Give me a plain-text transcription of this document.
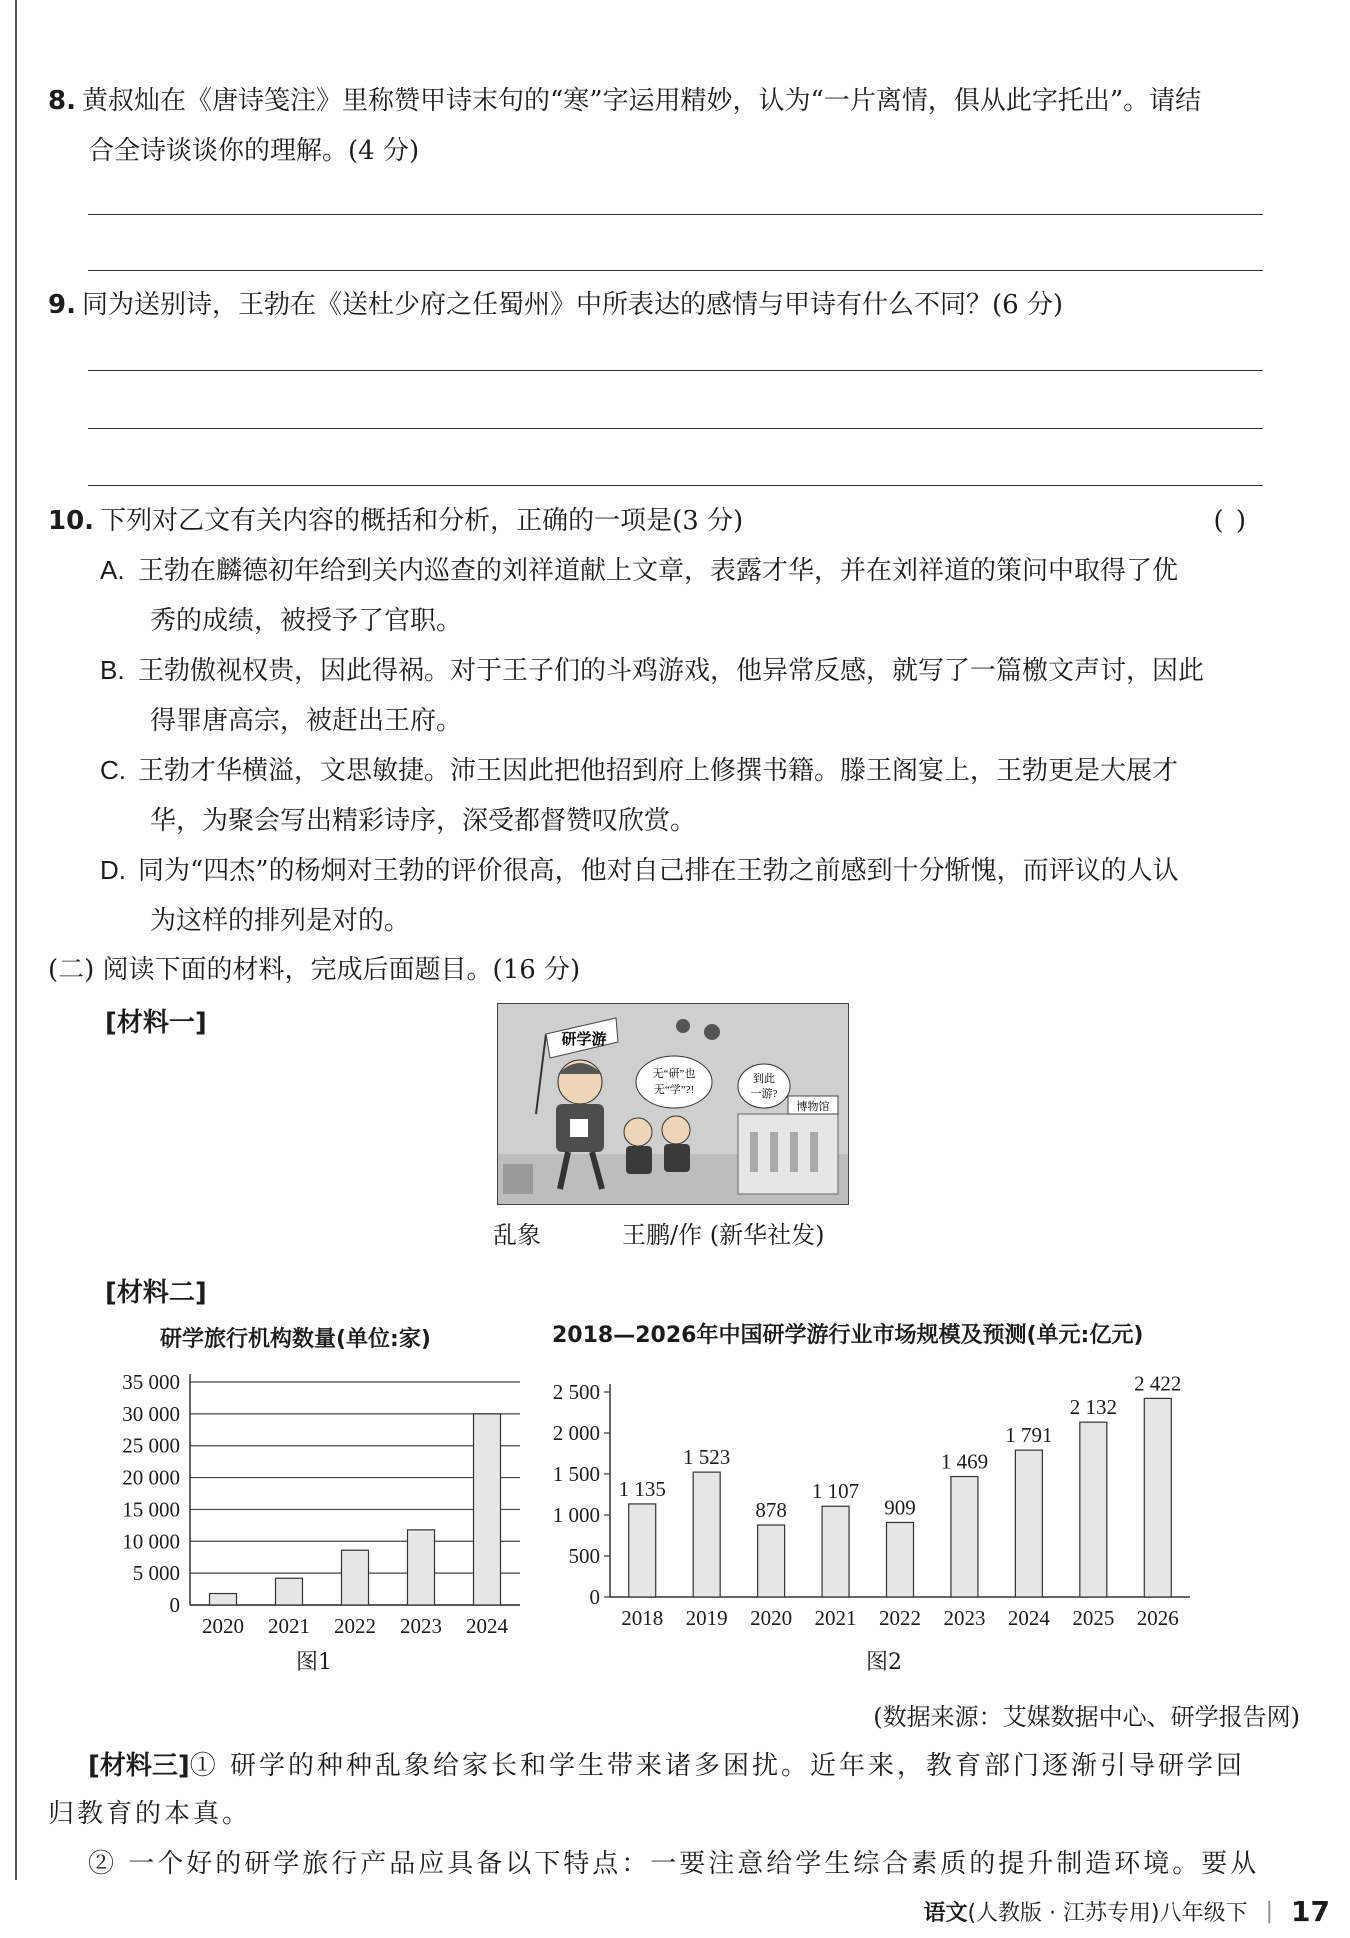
8. 黄叔灿在《唐诗笺注》里称赞甲诗末句的“寒”字运用精妙，认为“一片离情，俱从此字托出”。请结
合全诗谈谈你的理解。(4 分)
9. 同为送别诗，王勃在《送杜少府之任蜀州》中所表达的感情与甲诗有什么不同？(6 分)
10. 下列对乙文有关内容的概括和分析，正确的一项是(3 分)	( )
A. 王勃在麟德初年给到关内巡查的刘祥道献上文章，表露才华，并在刘祥道的策问中取得了优
秀的成绩，被授予了官职。
B. 王勃傲视权贵，因此得祸。对于王子们的斗鸡游戏，他异常反感，就写了一篇檄文声讨，因此
得罪唐高宗，被赶出王府。
C. 王勃才华横溢，文思敏捷。沛王因此把他招到府上修撰书籍。滕王阁宴上，王勃更是大展才
华，为聚会写出精彩诗序，深受都督赞叹欣赏。
D. 同为“四杰”的杨炯对王勃的评价很高，他对自己排在王勃之前感到十分惭愧，而评议的人认
为这样的排列是对的。
(二) 阅读下面的材料，完成后面题目。(16 分)
[材料一]
博物馆
研学游
无“研”也
无“学”?!
到此
一游?
乱象	王鹏/作 (新华社发)
[材料二]
研学旅行机构数量(单位:家)	2018—2026年中国研学游行业市场规模及预测(单元:亿元)
35 000
30 000
25 000
20 000
15 000
10 000
5 000
0
2020 2021 2022 2023 2024
2 500
2 000
1 500
1 000
500
0
2018
1 135
2019
1 523
2020
878
2021
1 107
2022
909
2023
1 469
2024
1 791
2025
2 132
2026
2 422
图1	图2
(数据来源：艾媒数据中心、研学报告网)
[材料三]① 研学的种种乱象给家长和学生带来诸多困扰。近年来，教育部门逐渐引导研学回
归教育的本真。
② 一个好的研学旅行产品应具备以下特点：一要注意给学生综合素质的提升制造环境。要从
语文 (人教版 · 江苏专用)八年级下 | 17
